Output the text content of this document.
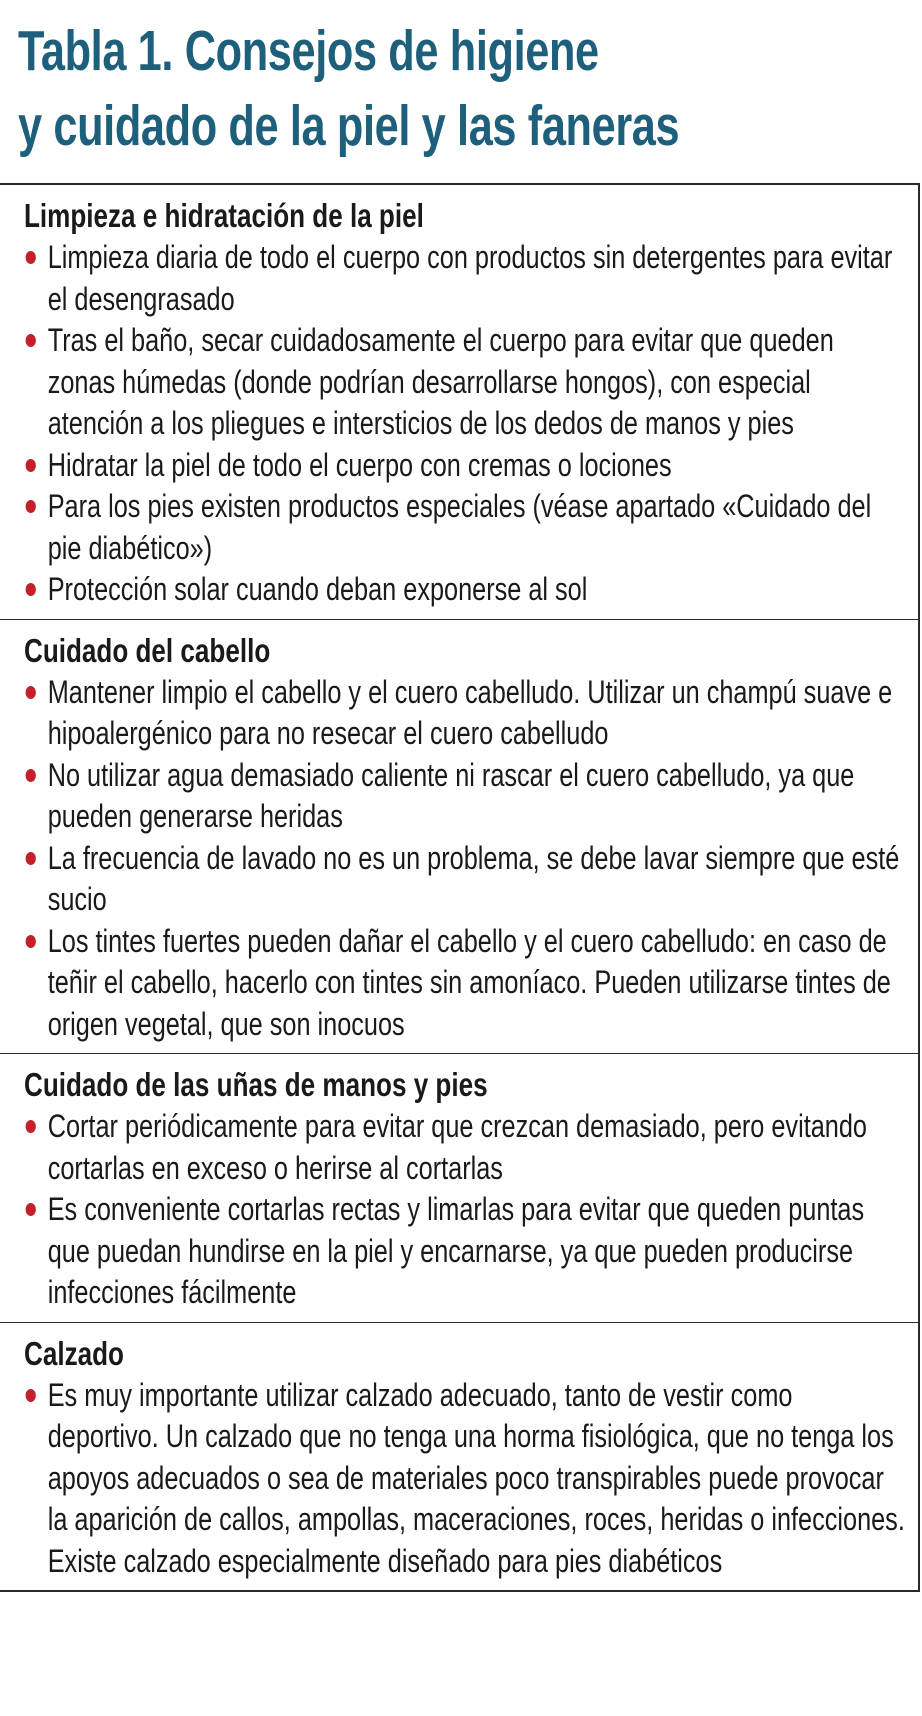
Tabla 1. Consejos de higiene
y cuidado de la piel y las faneras
Limpieza e hidratación de la piel
Limpieza diaria de todo el cuerpo con productos sin detergentes para evitar el desengrasado
Tras el baño, secar cuidadosamente el cuerpo para evitar que queden zonas húmedas (donde podrían desarrollarse hongos), con especial atención a los pliegues e intersticios de los dedos de manos y pies
Hidratar la piel de todo el cuerpo con cremas o lociones
Para los pies existen productos especiales (véase apartado «Cuidado del pie diabético»)
Protección solar cuando deban exponerse al sol
Cuidado del cabello
Mantener limpio el cabello y el cuero cabelludo. Utilizar un champú suave e hipoalergénico para no resecar el cuero cabelludo
No utilizar agua demasiado caliente ni rascar el cuero cabelludo, ya que pueden generarse heridas
La frecuencia de lavado no es un problema, se debe lavar siempre que esté sucio
Los tintes fuertes pueden dañar el cabello y el cuero cabelludo: en caso de teñir el cabello, hacerlo con tintes sin amoníaco. Pueden utilizarse tintes de origen vegetal, que son inocuos
Cuidado de las uñas de manos y pies
Cortar periódicamente para evitar que crezcan demasiado, pero evitando cortarlas en exceso o herirse al cortarlas
Es conveniente cortarlas rectas y limarlas para evitar que queden puntas que puedan hundirse en la piel y encarnarse, ya que pueden producirse infecciones fácilmente
Calzado
Es muy importante utilizar calzado adecuado, tanto de vestir como deportivo. Un calzado que no tenga una horma fisiológica, que no tenga los apoyos adecuados o sea de materiales poco transpirables puede provocar la aparición de callos, ampollas, maceraciones, roces, heridas o infecciones. Existe calzado especialmente diseñado para pies diabéticos
